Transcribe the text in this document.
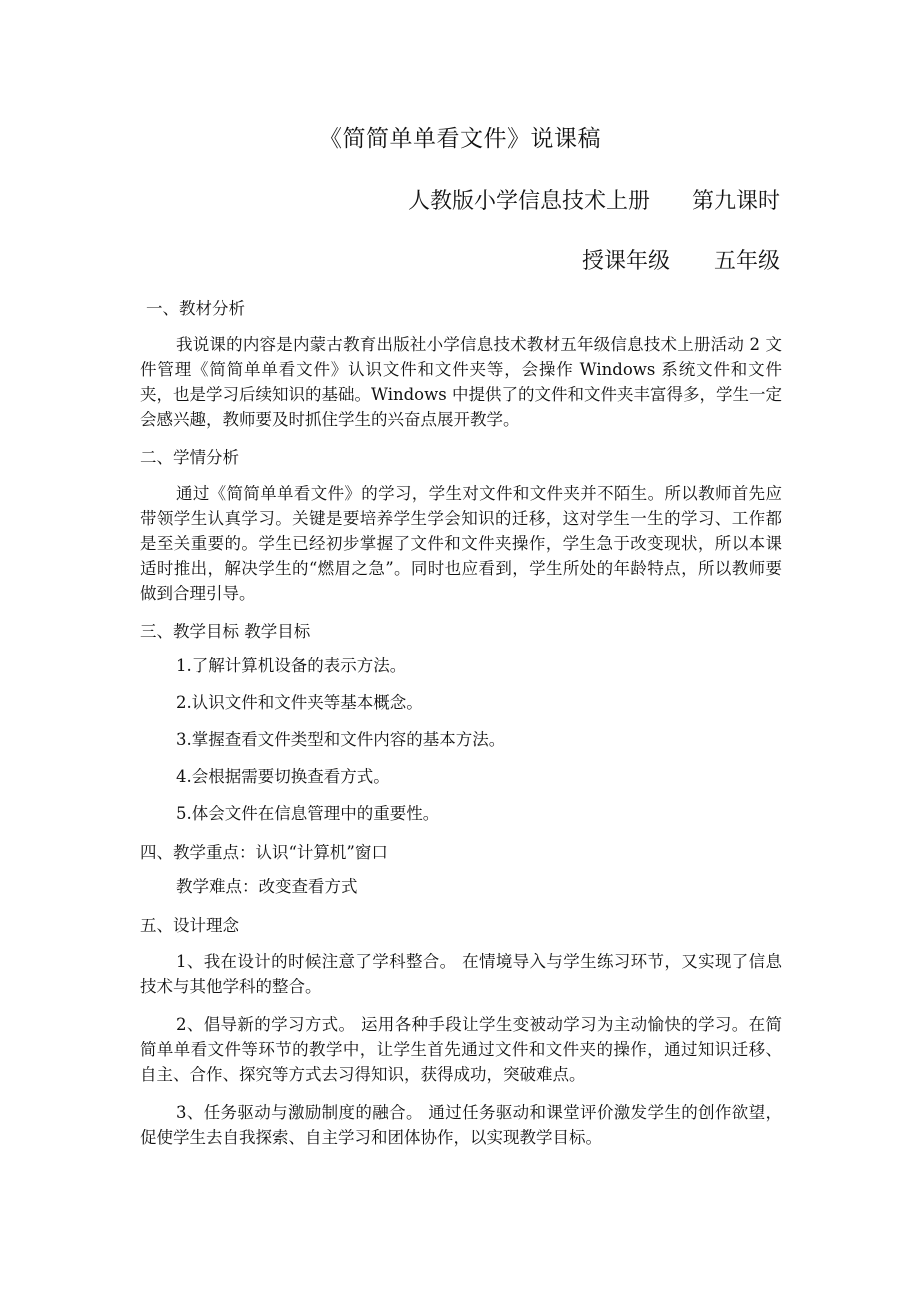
《简简单单看文件》说课稿
人教版小学信息技术上册 第九课时
授课年级 五年级

一、教材分析

我说课的内容是内蒙古教育出版社小学信息技术教材五年级信息技术上册活动 2 文件管理《简简单单看文件》认识文件和文件夹等，会操作 Windows 系统文件和文件夹，也是学习后续知识的基础。Windows 中提供了的文件和文件夹丰富得多，学生一定会感兴趣，教师要及时抓住学生的兴奋点展开教学。

二、学情分析

通过《简简单单看文件》的学习，学生对文件和文件夹并不陌生。所以教师首先应带领学生认真学习。关键是要培养学生学会知识的迁移，这对学生一生的学习、工作都是至关重要的。学生已经初步掌握了文件和文件夹操作，学生急于改变现状，所以本课适时推出，解决学生的“燃眉之急”。同时也应看到，学生所处的年龄特点，所以教师要做到合理引导。

三、教学目标 教学目标

1.了解计算机设备的表示方法。

2.认识文件和文件夹等基本概念。

3.掌握查看文件类型和文件内容的基本方法。

4.会根据需要切换查看方式。

5.体会文件在信息管理中的重要性。

四、教学重点：认识“计算机”窗口

教学难点：改变查看方式

五、设计理念

1、我在设计的时候注意了学科整合。 在情境导入与学生练习环节，又实现了信息技术与其他学科的整合。

2、倡导新的学习方式。 运用各种手段让学生变被动学习为主动愉快的学习。在简简单单看文件等环节的教学中，让学生首先通过文件和文件夹的操作，通过知识迁移、自主、合作、探究等方式去习得知识，获得成功，突破难点。

3、任务驱动与激励制度的融合。 通过任务驱动和课堂评价激发学生的创作欲望，促使学生去自我探索、自主学习和团体协作，以实现教学目标。
